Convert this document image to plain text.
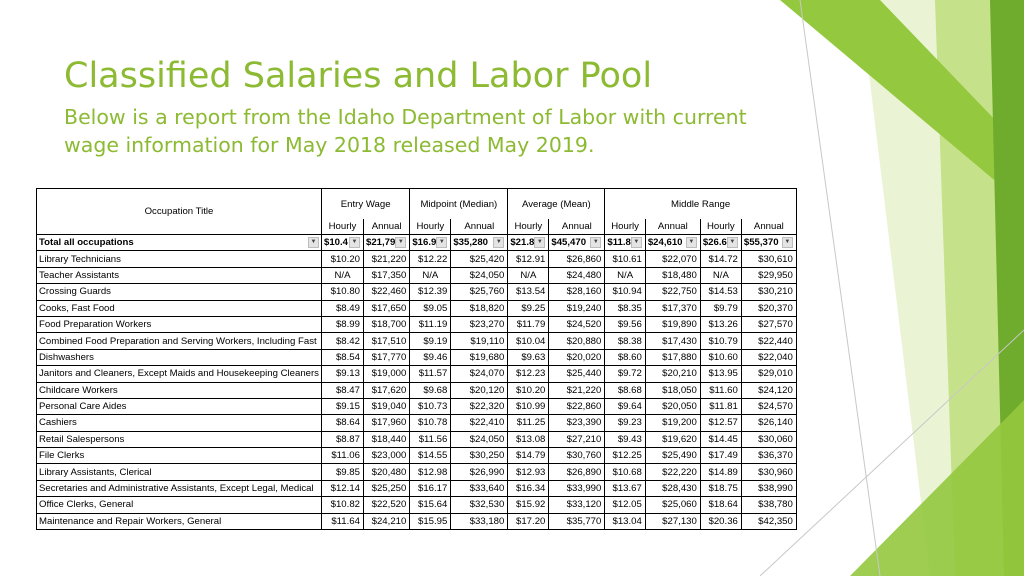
Classified Salaries and Labor Pool

Below is a report from the Idaho Department of Labor with current wage information for May 2018 released May 2019.

Occupation Title	Entry Wage		Midpoint (Median)		Average (Mean)		Middle Range			
	Hourly	Annual	Hourly	Annual	Hourly	Annual	Hourly	Annual	Hourly	Annual

Total all occupations ▼	$10.4 ▼	$21,79 ▼	$16.9 ▼	$35,280 ▼	$21.8 ▼	$45,470 ▼	$11.8 ▼	$24,610 ▼	$26.6 ▼	$55,370 ▼

Library Technicians	$10.20	$21,220	$12.22	$25,420	$12.91	$26,860	$10.61	$22,070	$14.72	$30,610
Teacher Assistants	N/A	$17,350	N/A	$24,050	N/A	$24,480	N/A	$18,480	N/A	$29,950
Crossing Guards	$10.80	$22,460	$12.39	$25,760	$13.54	$28,160	$10.94	$22,750	$14.53	$30,210
Cooks, Fast Food	$8.49	$17,650	$9.05	$18,820	$9.25	$19,240	$8.35	$17,370	$9.79	$20,370
Food Preparation Workers	$8.99	$18,700	$11.19	$23,270	$11.79	$24,520	$9.56	$19,890	$13.26	$27,570
Combined Food Preparation and Serving Workers, Including Fast	$8.42	$17,510	$9.19	$19,110	$10.04	$20,880	$8.38	$17,430	$10.79	$22,440
Dishwashers	$8.54	$17,770	$9.46	$19,680	$9.63	$20,020	$8.60	$17,880	$10.60	$22,040
Janitors and Cleaners, Except Maids and Housekeeping Cleaners	$9.13	$19,000	$11.57	$24,070	$12.23	$25,440	$9.72	$20,210	$13.95	$29,010
Childcare Workers	$8.47	$17,620	$9.68	$20,120	$10.20	$21,220	$8.68	$18,050	$11.60	$24,120
Personal Care Aides	$9.15	$19,040	$10.73	$22,320	$10.99	$22,860	$9.64	$20,050	$11.81	$24,570
Cashiers	$8.64	$17,960	$10.78	$22,410	$11.25	$23,390	$9.23	$19,200	$12.57	$26,140
Retail Salespersons	$8.87	$18,440	$11.56	$24,050	$13.08	$27,210	$9.43	$19,620	$14.45	$30,060
File Clerks	$11.06	$23,000	$14.55	$30,250	$14.79	$30,760	$12.25	$25,490	$17.49	$36,370
Library Assistants, Clerical	$9.85	$20,480	$12.98	$26,990	$12.93	$26,890	$10.68	$22,220	$14.89	$30,960
Secretaries and Administrative Assistants, Except Legal, Medical	$12.14	$25,250	$16.17	$33,640	$16.34	$33,990	$13.67	$28,430	$18.75	$38,990
Office Clerks, General	$10.82	$22,520	$15.64	$32,530	$15.92	$33,120	$12.05	$25,060	$18.64	$38,780
Maintenance and Repair Workers, General	$11.64	$24,210	$15.95	$33,180	$17.20	$35,770	$13.04	$27,130	$20.36	$42,350
